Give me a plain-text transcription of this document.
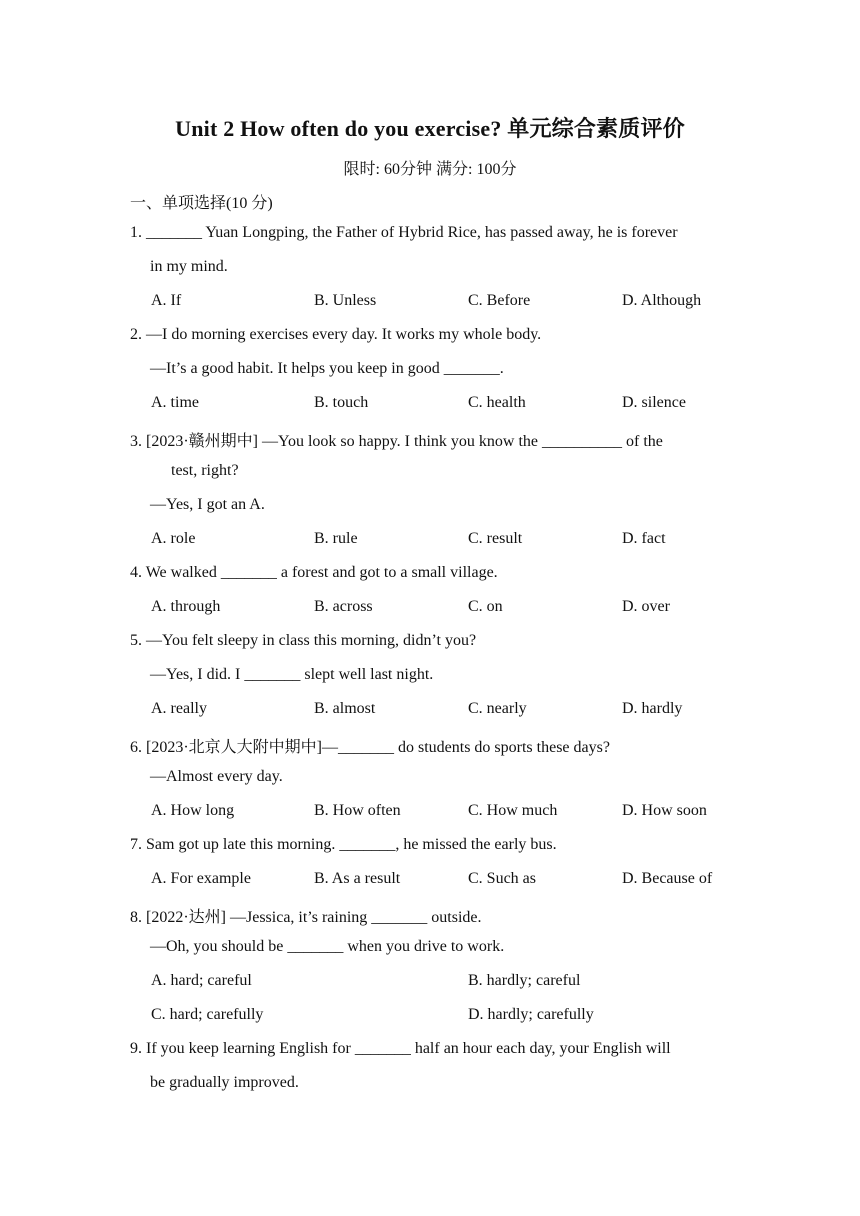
Unit 2 How often do you exercise? 单元综合素质评价
限时: 60分钟 满分: 100分
一、单项选择(10 分)
1. _______ Yuan Longping, the Father of Hybrid Rice, has passed away, he is forever
in my mind.
A. If	B. Unless	C. Before	D. Although
2. —I do morning exercises every day. It works my whole body.
—It’s a good habit. It helps you keep in good _______.
A. time	B. touch	C. health	D. silence
3. [2023·赣州期中] —You look so happy. I think you know the __________ of the
test, right?
—Yes, I got an A.
A. role	B. rule	C. result	D. fact
4. We walked _______ a forest and got to a small village.
A. through	B. across	C. on	D. over
5. —You felt sleepy in class this morning, didn’t you?
—Yes, I did. I _______ slept well last night.
A. really	B. almost	C. nearly	D. hardly
6. [2023·北京人大附中期中]—_______ do students do sports these days?
—Almost every day.
A. How long	B. How often	C. How much	D. How soon
7. Sam got up late this morning. _______, he missed the early bus.
A. For example	B. As a result	C. Such as	D. Because of
8. [2022·达州] —Jessica, it’s raining _______ outside.
—Oh, you should be _______ when you drive to work.
A. hard; careful	B. hardly; careful
C. hard; carefully	D. hardly; carefully
9. If you keep learning English for _______ half an hour each day, your English will
be gradually improved.
